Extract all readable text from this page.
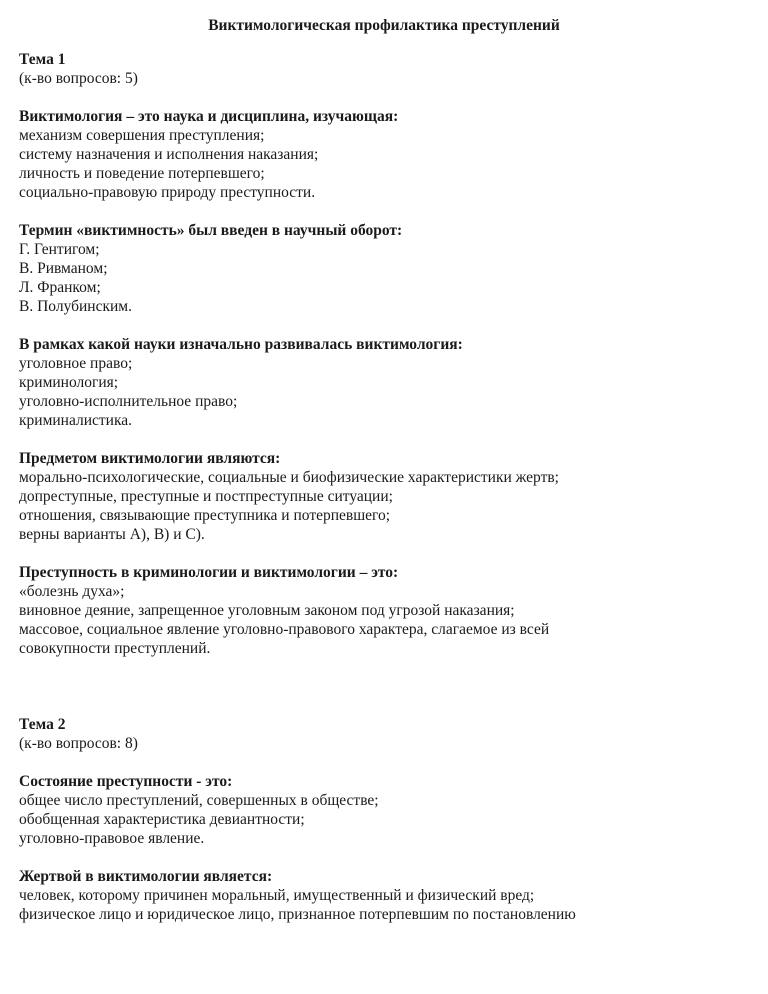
Виктимологическая профилактика преступлений
Тема 1
(к-во вопросов: 5)
Виктимология – это наука и дисциплина, изучающая:
механизм совершения преступления;
систему назначения и исполнения наказания;
личность и поведение потерпевшего;
социально-правовую природу преступности.
Термин «виктимность» был введен в научный оборот:
Г. Гентигом;
В. Ривманом;
Л. Франком;
В. Полубинским.
В рамках какой науки изначально развивалась виктимология:
уголовное право;
криминология;
уголовно-исполнительное право;
криминалистика.
Предметом виктимологии являются:
морально-психологические, социальные и биофизические характеристики жертв;
допреступные, преступные и постпреступные ситуации;
отношения, связывающие преступника и потерпевшего;
верны варианты А), В) и С).
Преступность в криминологии и виктимологии – это:
«болезнь духа»;
виновное деяние, запрещенное уголовным законом под угрозой наказания;
массовое, социальное явление уголовно-правового характера, слагаемое из всей
совокупности преступлений.
Тема 2
(к-во вопросов: 8)
Состояние преступности - это:
общее число преступлений, совершенных в обществе;
обобщенная характеристика девиантности;
уголовно-правовое явление.
Жертвой в виктимологии является:
человек, которому причинен моральный, имущественный и физический вред;
физическое лицо и юридическое лицо, признанное потерпевшим по постановлению
